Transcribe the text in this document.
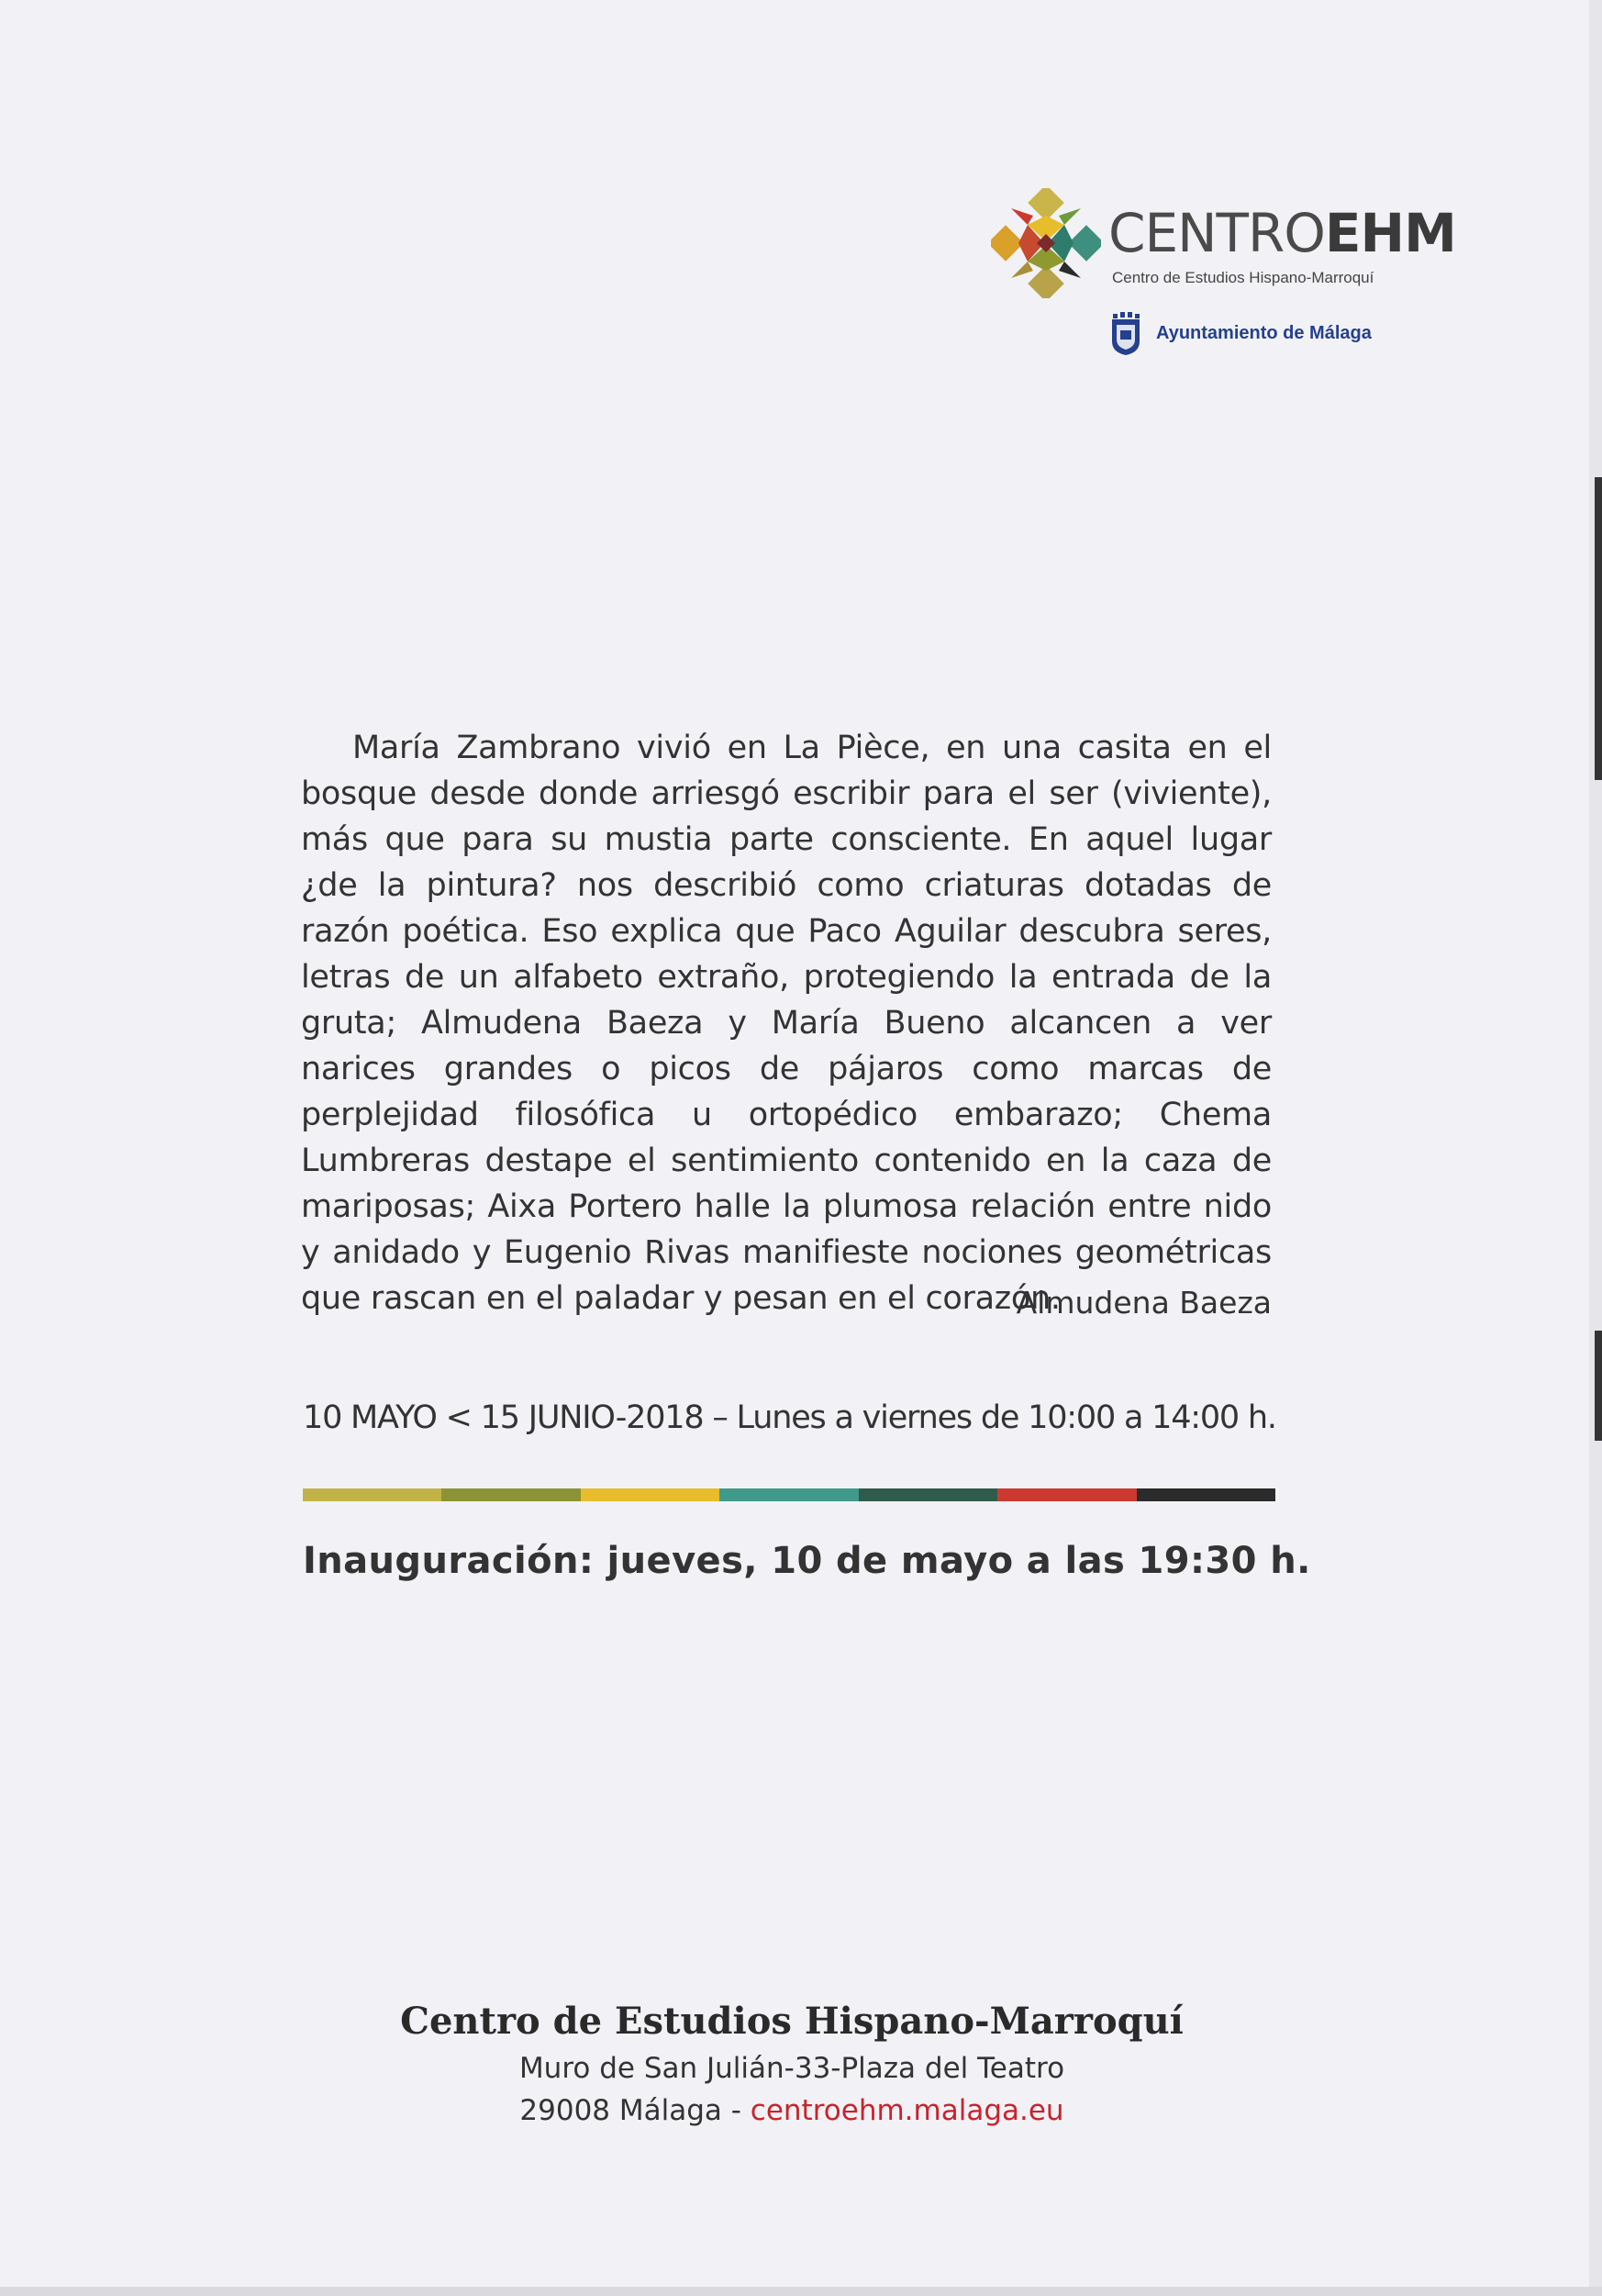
CENTROEHM
Centro de Estudios Hispano-Marroquí
Ayuntamiento de Málaga

María Zambrano vivió en La Pièce, en una casita en el bosque desde donde arriesgó escribir para el ser (viviente), más que para su mustia parte consciente. En aquel lugar ¿de la pintura? nos describió como criaturas dotadas de razón poética. Eso explica que Paco Aguilar descubra seres, letras de un alfabeto extraño, protegiendo la entrada de la gruta; Almudena Baeza y María Bueno alcancen a ver narices grandes o picos de pájaros como marcas de perplejidad filosófica u ortopédico embarazo; Chema Lumbreras destape el sentimiento contenido en la caza de mariposas; Aixa Portero halle la plumosa relación entre nido y anidado y Eugenio Rivas manifieste nociones geométricas que rascan en el paladar y pesan en el corazón.

Almudena Baeza
10 MAYO < 15 JUNIO-2018 – Lunes a viernes de 10:00 a 14:00 h.
Inauguración: jueves, 10 de mayo a las 19:30 h.
Centro de Estudios Hispano-Marroquí
Muro de San Julián-33-Plaza del Teatro
29008 Málaga - centroehm.malaga.eu
